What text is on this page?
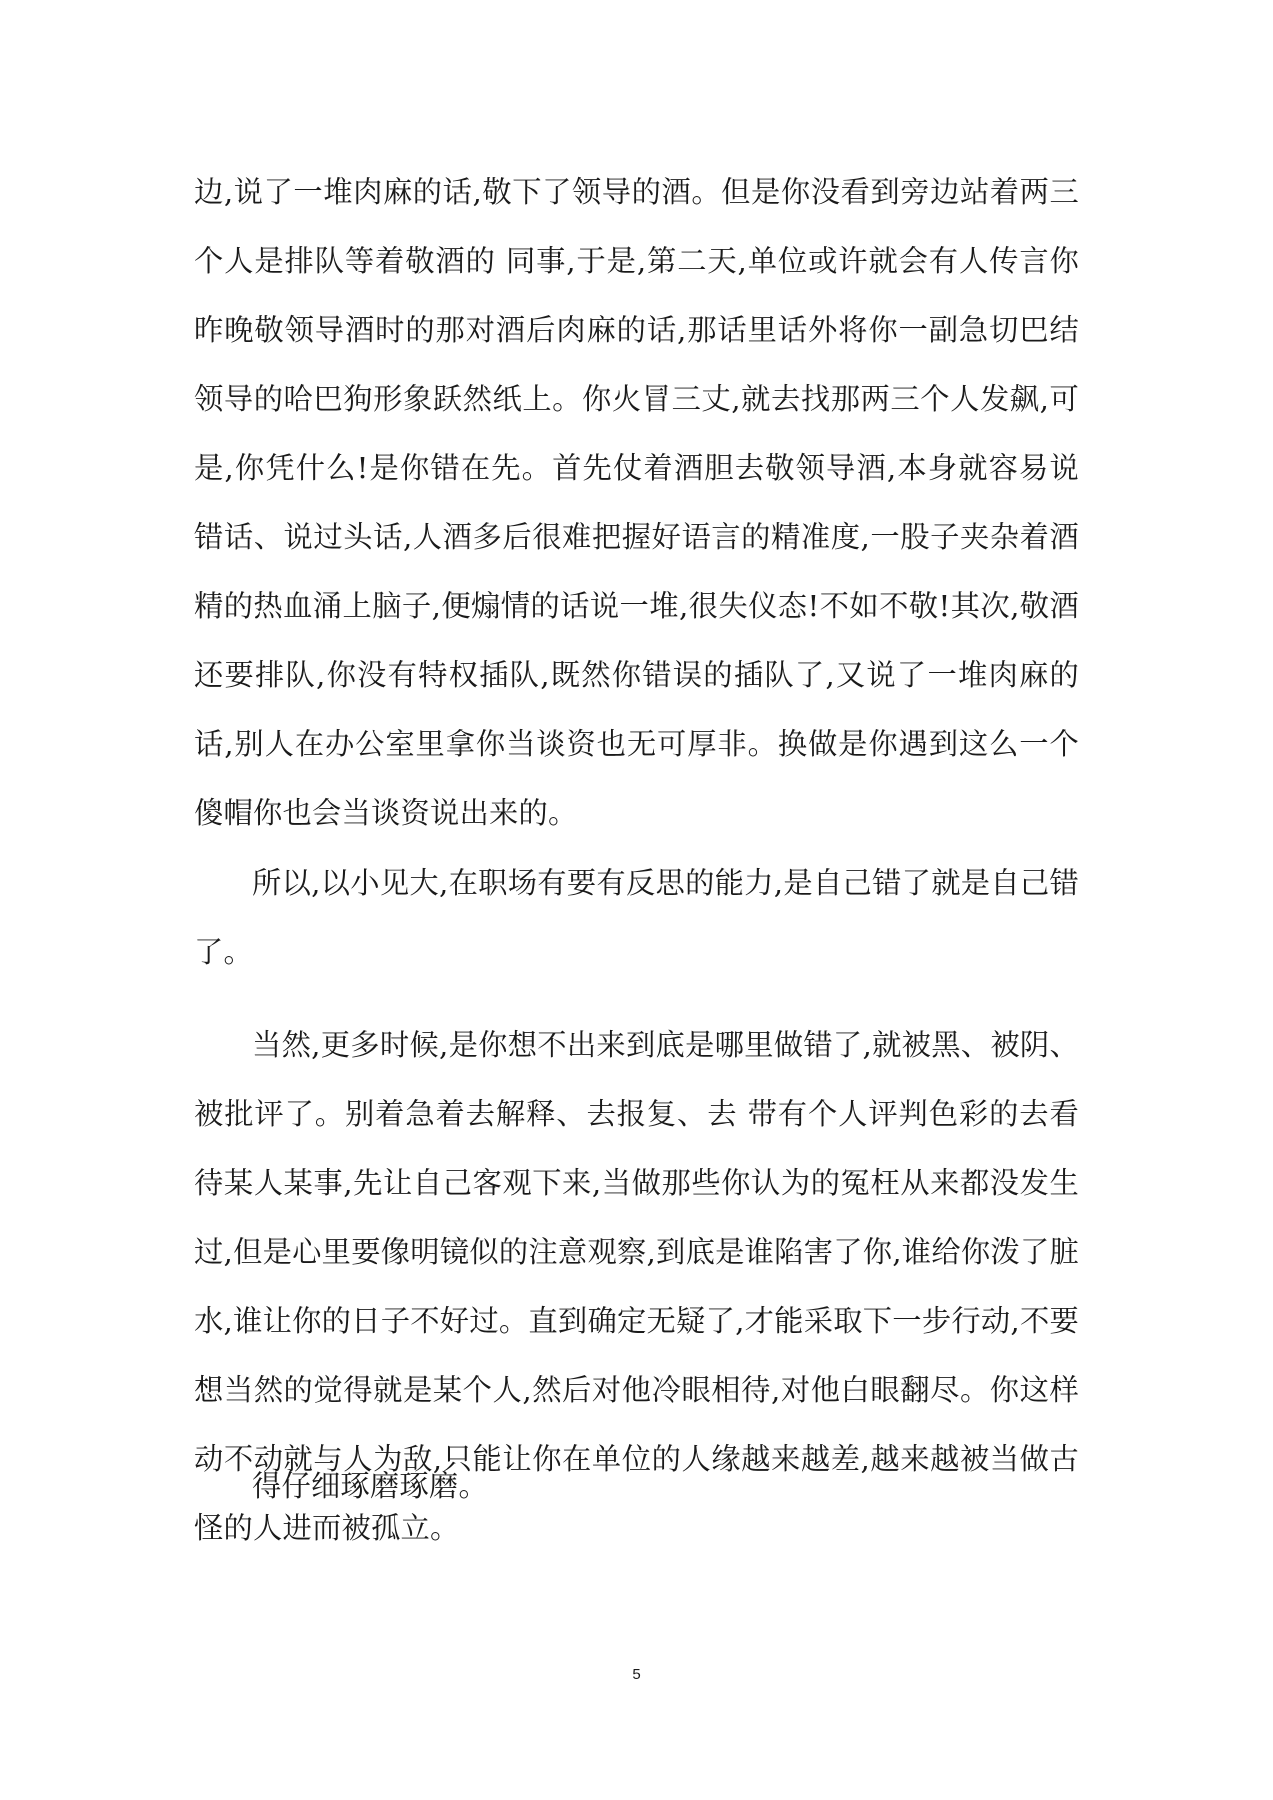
边,说了一堆肉麻的话,敬下了领导的酒。但是你没看到旁边站着两三个人是排队等着敬酒的 同事,于是,第二天,单位或许就会有人传言你昨晚敬领导酒时的那对酒后肉麻的话,那话里话外将你一副急切巴结领导的哈巴狗形象跃然纸上。你火冒三丈,就去找那两三个人发飙,可是,你凭什么!是你错在先。首先仗着酒胆去敬领导酒,本身就容易说错话、说过头话,人酒多后很难把握好语言的精准度,一股子夹杂着酒精的热血涌上脑子,便煽情的话说一堆,很失仪态!不如不敬!其次,敬酒还要排队,你没有特权插队,既然你错误的插队了,又说了一堆肉麻的话,别人在办公室里拿你当谈资也无可厚非。换做是你遇到这么一个傻帽你也会当谈资说出来的。

所以,以小见大,在职场有要有反思的能力,是自己错了就是自己错了。

当然,更多时候,是你想不出来到底是哪里做错了,就被黑、被阴、被批评了。别着急着去解释、去报复、去 带有个人评判色彩的去看待某人某事,先让自己客观下来,当做那些你认为的冤枉从来都没发生过,但是心里要像明镜似的注意观察,到底是谁陷害了你,谁给你泼了脏水,谁让你的日子不好过。直到确定无疑了,才能采取下一步行动,不要想当然的觉得就是某个人,然后对他冷眼相待,对他白眼翻尽。你这样动不动就与人为敌,只能让你在单位的人缘越来越差,越来越被当做古怪的人进而被孤立。

得仔细琢磨琢磨。

5
